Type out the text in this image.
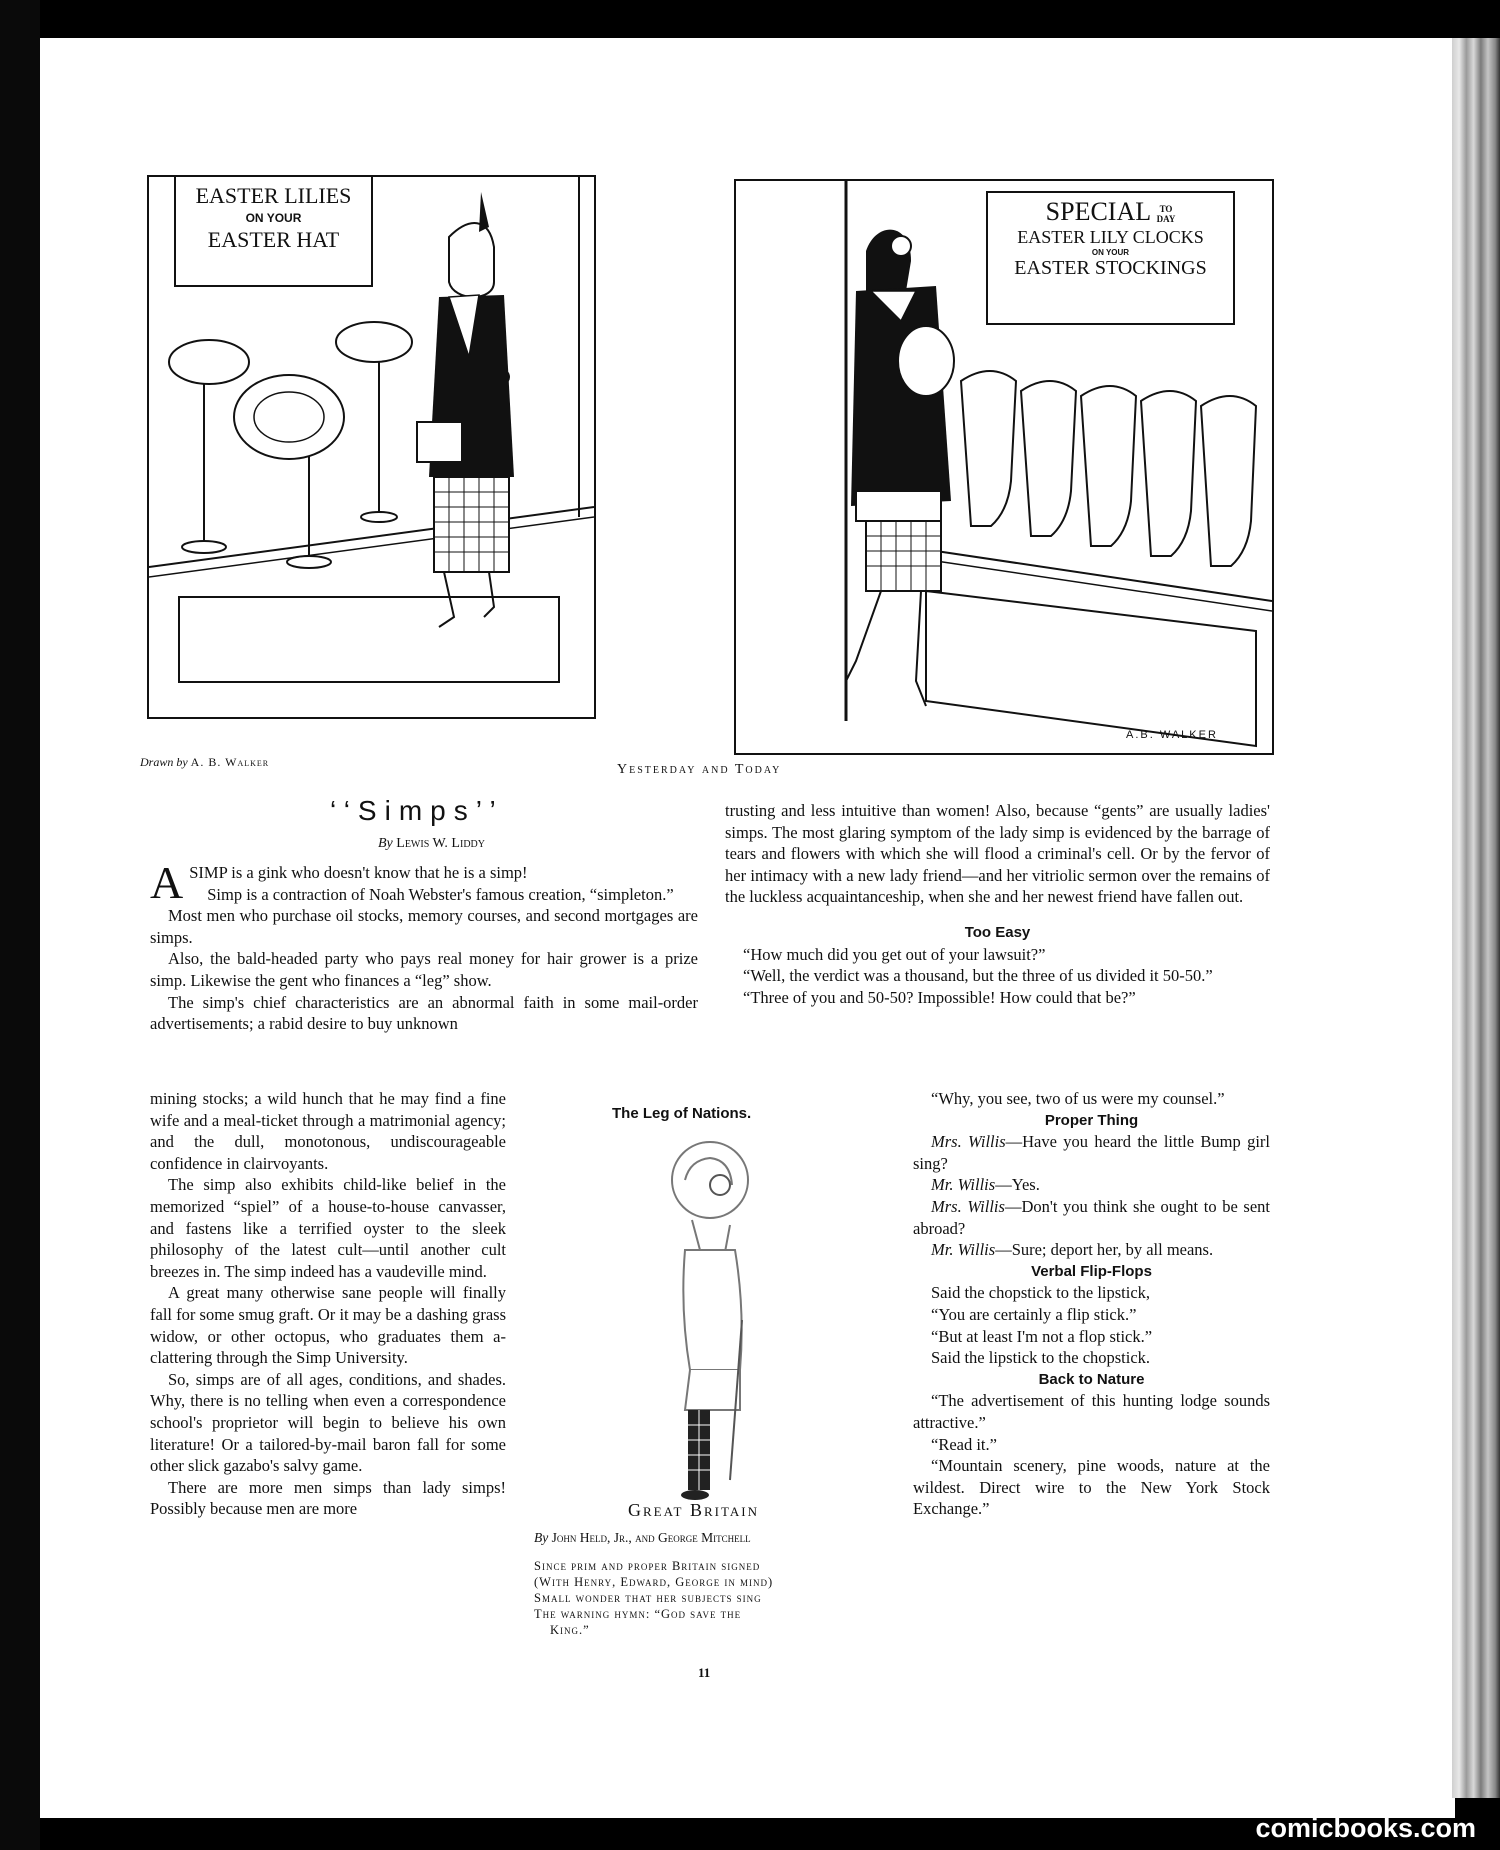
EASTER LILIES
ON YOUR
EASTER HAT
SPECIAL TO
DAY
EASTER LILY CLOCKS
ON YOUR
EASTER STOCKINGS
A.B. WALKER
Drawn by A. B. Walker	Yesterday and Today
‘‘Simps’’
By Lewis W. Liddy

ASIMP is a gink who doesn't know that he is a simp!

Simp is a contraction of Noah Webster's famous creation, “simpleton.”

Most men who purchase oil stocks, memory courses, and second mortgages are simps.

Also, the bald-headed party who pays real money for hair grower is a prize simp. Likewise the gent who finances a “leg” show.

The simp's chief characteristics are an abnormal faith in some mail-order advertisements; a rabid desire to buy unknown

mining stocks; a wild hunch that he may find a fine wife and a meal-ticket through a matrimonial agency; and the dull, monotonous, undiscourageable confidence in clairvoyants.

The simp also exhibits child-like belief in the memorized “spiel” of a house-to-house canvasser, and fastens like a terrified oyster to the sleek philosophy of the latest cult—until another cult breezes in. The simp indeed has a vaudeville mind.

A great many otherwise sane people will finally fall for some smug graft. Or it may be a dashing grass widow, or other octopus, who graduates them a-clattering through the Simp University.

So, simps are of all ages, conditions, and shades. Why, there is no telling when even a correspondence school's proprietor will begin to believe his own literature! Or a tailored-by-mail baron fall for some other slick gazabo's salvy game.

There are more men simps than lady simps! Possibly because men are more

trusting and less intuitive than women! Also, because “gents” are usually ladies' simps. The most glaring symptom of the lady simp is evidenced by the barrage of tears and flowers with which she will flood a criminal's cell. Or by the fervor of her intimacy with a new lady friend—and her vitriolic sermon over the remains of the luckless acquaintanceship, when she and her newest friend have fallen out.

Too Easy

“How much did you get out of your lawsuit?”

“Well, the verdict was a thousand, but the three of us divided it 50-50.”

“Three of you and 50-50? Impossible! How could that be?”

“Why, you see, two of us were my counsel.”

Proper Thing

Mrs. Willis—Have you heard the little Bump girl sing?

Mr. Willis—Yes.

Mrs. Willis—Don't you think she ought to be sent abroad?

Mr. Willis—Sure; deport her, by all means.

Verbal Flip-Flops

Said the chopstick to the lipstick,

“You are certainly a flip stick.”

“But at least I'm not a flop stick.”

Said the lipstick to the chopstick.

Back to Nature

“The advertisement of this hunting lodge sounds attractive.”

“Read it.”

“Mountain scenery, pine woods, nature at the wildest. Direct wire to the New York Stock Exchange.”

The Leg of Nations.
Great Britain
By John Held, Jr., and George Mitchell
Since prim and proper Britain signed
(With Henry, Edward, George in mind)
Small wonder that her subjects sing
The warning hymn: “God save the
King.”
11
comicbooks.com
